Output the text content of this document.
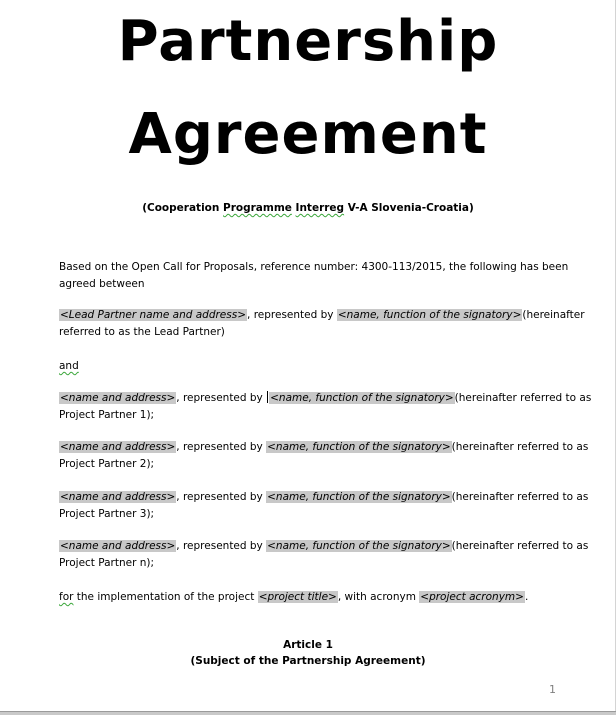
Partnership
Agreement
(Cooperation Programme Interreg V-A Slovenia-Croatia)
Based on the Open Call for Proposals, reference number: 4300-113/2015, the following has been
agreed between
<Lead Partner name and address>, represented by <name, function of the signatory> (hereinafter
referred to as the Lead Partner)
and
<name and address>, represented by <name, function of the signatory> (hereinafter referred to as
Project Partner 1);
<name and address>, represented by <name, function of the signatory> (hereinafter referred to as
Project Partner 2);
<name and address>, represented by <name, function of the signatory> (hereinafter referred to as
Project Partner 3);
<name and address>, represented by <name, function of the signatory> (hereinafter referred to as
Project Partner n);
for the implementation of the project <project title>, with acronym <project acronym>.
Article 1
(Subject of the Partnership Agreement)
1
